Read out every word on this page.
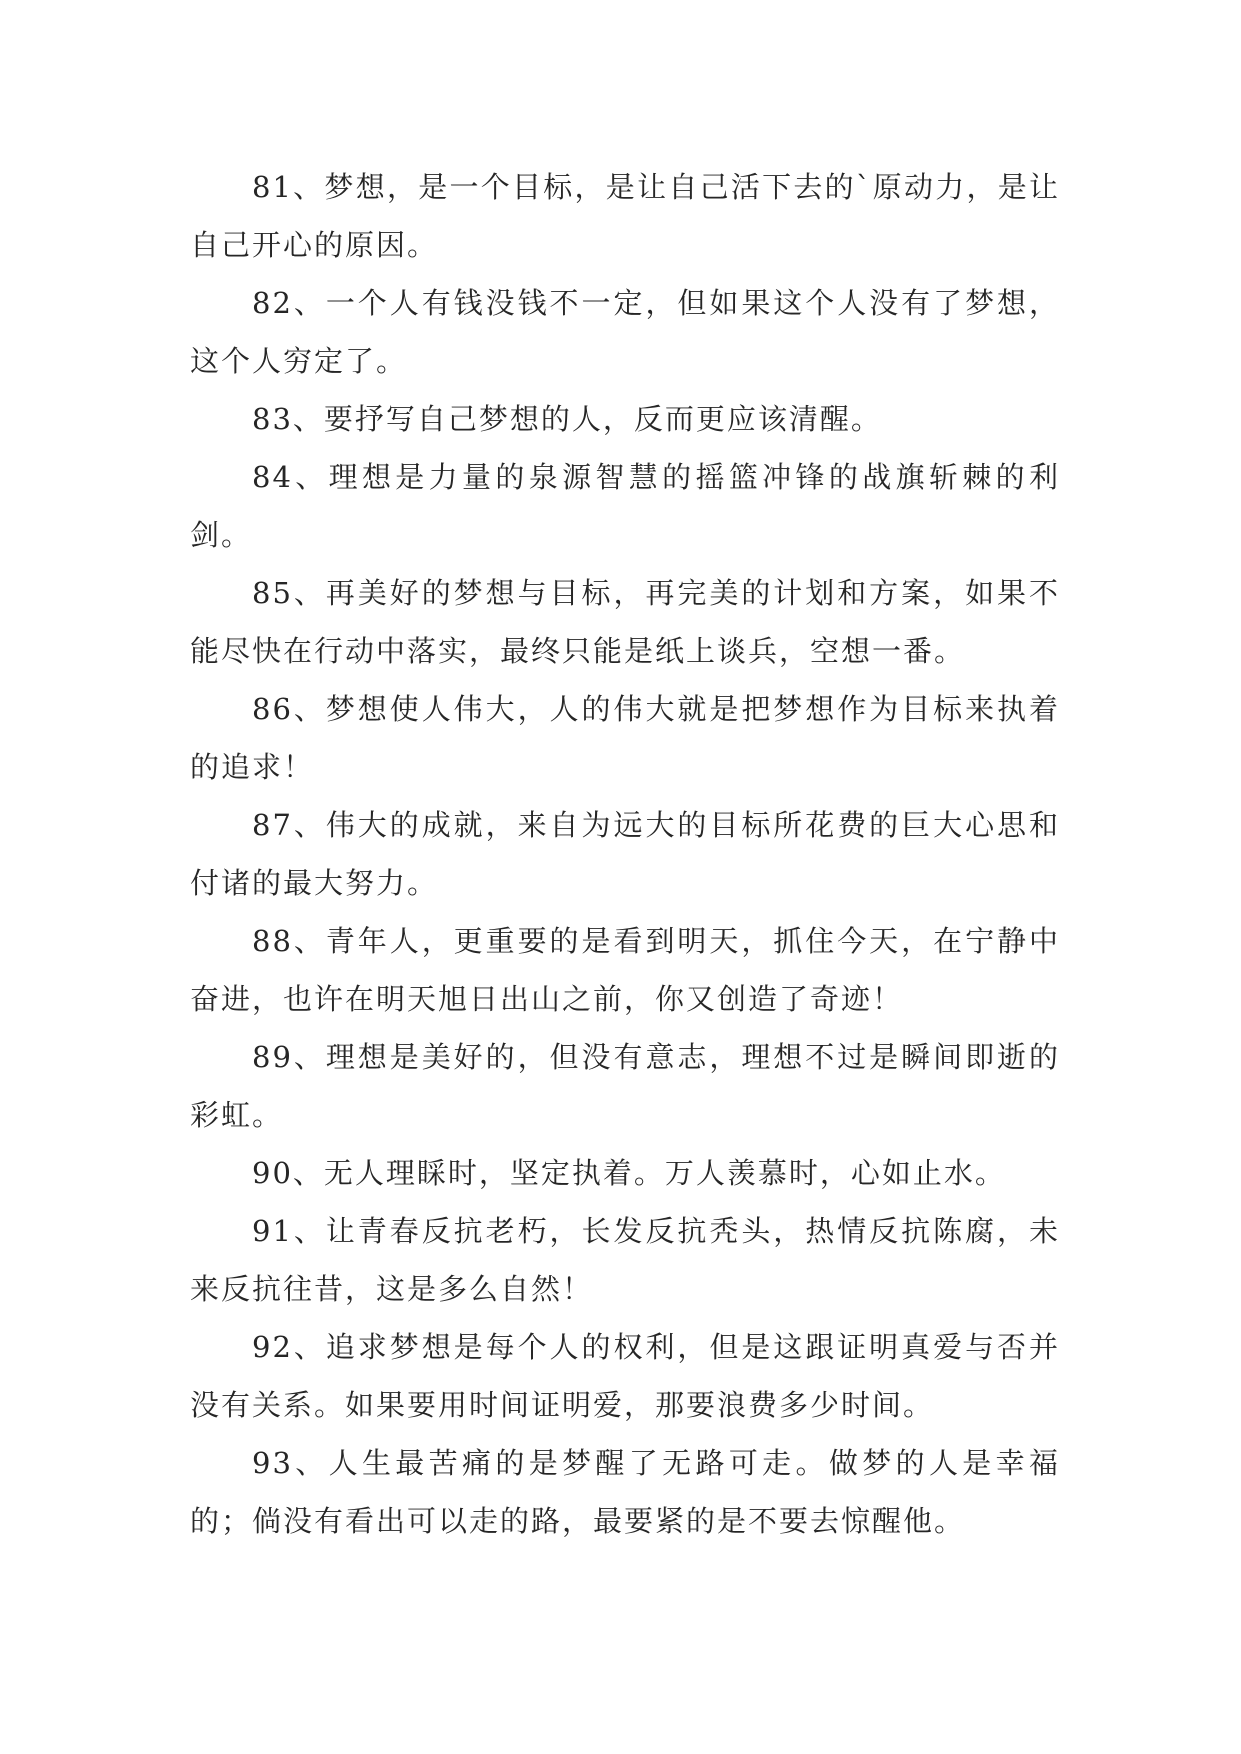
81、梦想，是一个目标，是让自己活下去的`原动力，是让自己开心的原因。

82、一个人有钱没钱不一定，但如果这个人没有了梦想，这个人穷定了。

83、要抒写自己梦想的人，反而更应该清醒。

84、理想是力量的泉源智慧的摇篮冲锋的战旗斩棘的利剑。

85、再美好的梦想与目标，再完美的计划和方案，如果不能尽快在行动中落实，最终只能是纸上谈兵，空想一番。

86、梦想使人伟大，人的伟大就是把梦想作为目标来执着的追求！

87、伟大的成就，来自为远大的目标所花费的巨大心思和付诸的最大努力。

88、青年人，更重要的是看到明天，抓住今天，在宁静中奋进，也许在明天旭日出山之前，你又创造了奇迹！

89、理想是美好的，但没有意志，理想不过是瞬间即逝的彩虹。

90、无人理睬时，坚定执着。万人羡慕时，心如止水。

91、让青春反抗老朽，长发反抗秃头，热情反抗陈腐，未来反抗往昔，这是多么自然！

92、追求梦想是每个人的权利，但是这跟证明真爱与否并没有关系。如果要用时间证明爱，那要浪费多少时间。

93、人生最苦痛的是梦醒了无路可走。做梦的人是幸福的；倘没有看出可以走的路，最要紧的是不要去惊醒他。
